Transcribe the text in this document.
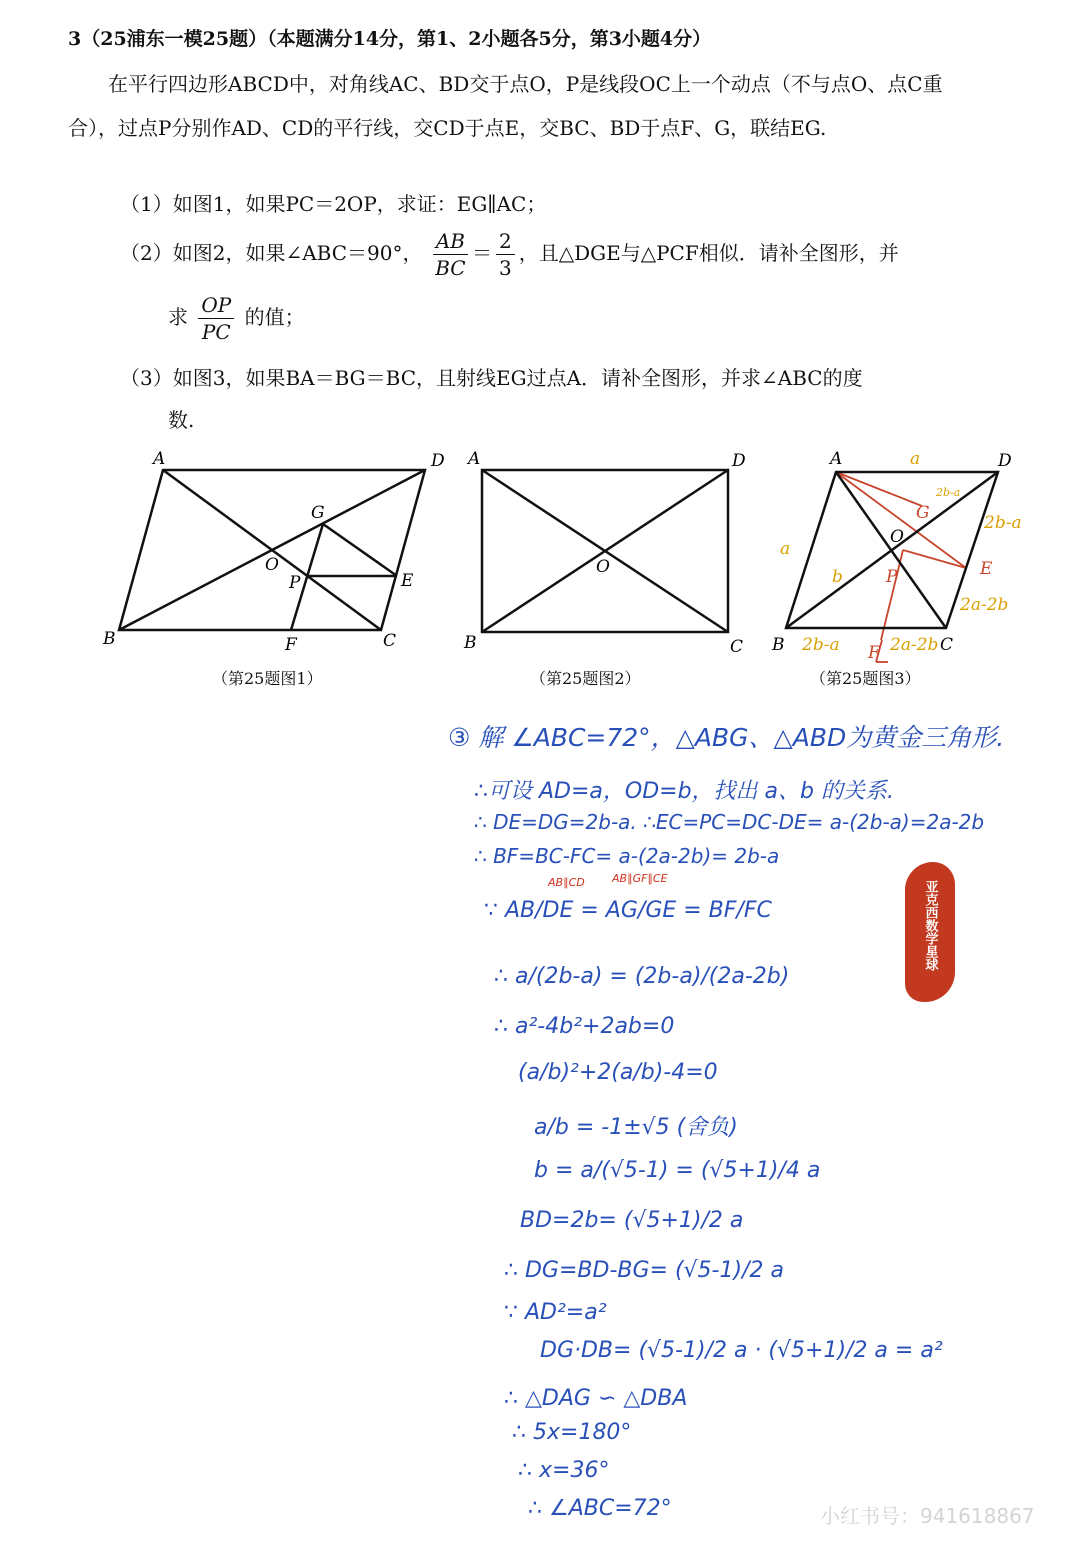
3（25浦东一模25题）（本题满分14分，第1、2小题各5分，第3小题4分）
在平行四边形ABCD中，对角线AC、BD交于点O，P是线段OC上一个动点（不与点O、点C重合），过点P分别作AD、CD的平行线，交CD于点E，交BC、BD于点F、G，联结EG.
（1）如图1，如果PC＝2OP，求证：EG∥AC；
（2）如图2，如果∠ABC＝90°， $\frac{AB}{BC} = \frac{2}{3}$ ，且△DGE与△PCF相似．请补全图形，并
求 $\frac{OP}{PC}$ 的值；
（3）如图3，如果BA＝BG＝BC，且射线EG过点A．请补全图形，并求∠ABC的度
数.
A	D
B	C
O
P
G
E
F
（第25题图1）
A	D
B	C
O
（第25题图2）
A	D
B	C
O
P
G
E
F
a
a
b
2b-a
2b-a
2a-2b
2b-a	2a-2b
（第25题图3）
③ 解 ∠ABC=72°，△ABG、△ABD为黄金三角形.
∴可设 AD=a，OD=b，找出 a、b 的关系.
∴ DE=DG=2b-a. ∴EC=PC=DC-DE= a-(2b-a)=2a-2b
∴ BF=BC-FC= a-(2a-2b)= 2b-a
∵ AB/DE = AG/GE = BF/FC
AB∥CD AB∥GF∥CE
∴ a/(2b-a) = (2b-a)/(2a-2b)
∴ a²-4b²+2ab=0
(a/b)²+2(a/b)-4=0
a/b = -1±√5 (舍负)
b = a/(√5-1) = (√5+1)/4 a
BD=2b= (√5+1)/2 a
∴ DG=BD-BG= (√5-1)/2 a
∵ AD²=a²
DG·DB= (√5-1)/2 a · (√5+1)/2 a = a²
∴ △DAG ∽ △DBA
∴ 5x=180°
∴ x=36°
∴ ∠ABC=72°
亚克西数学星球
小红书号：941618867
